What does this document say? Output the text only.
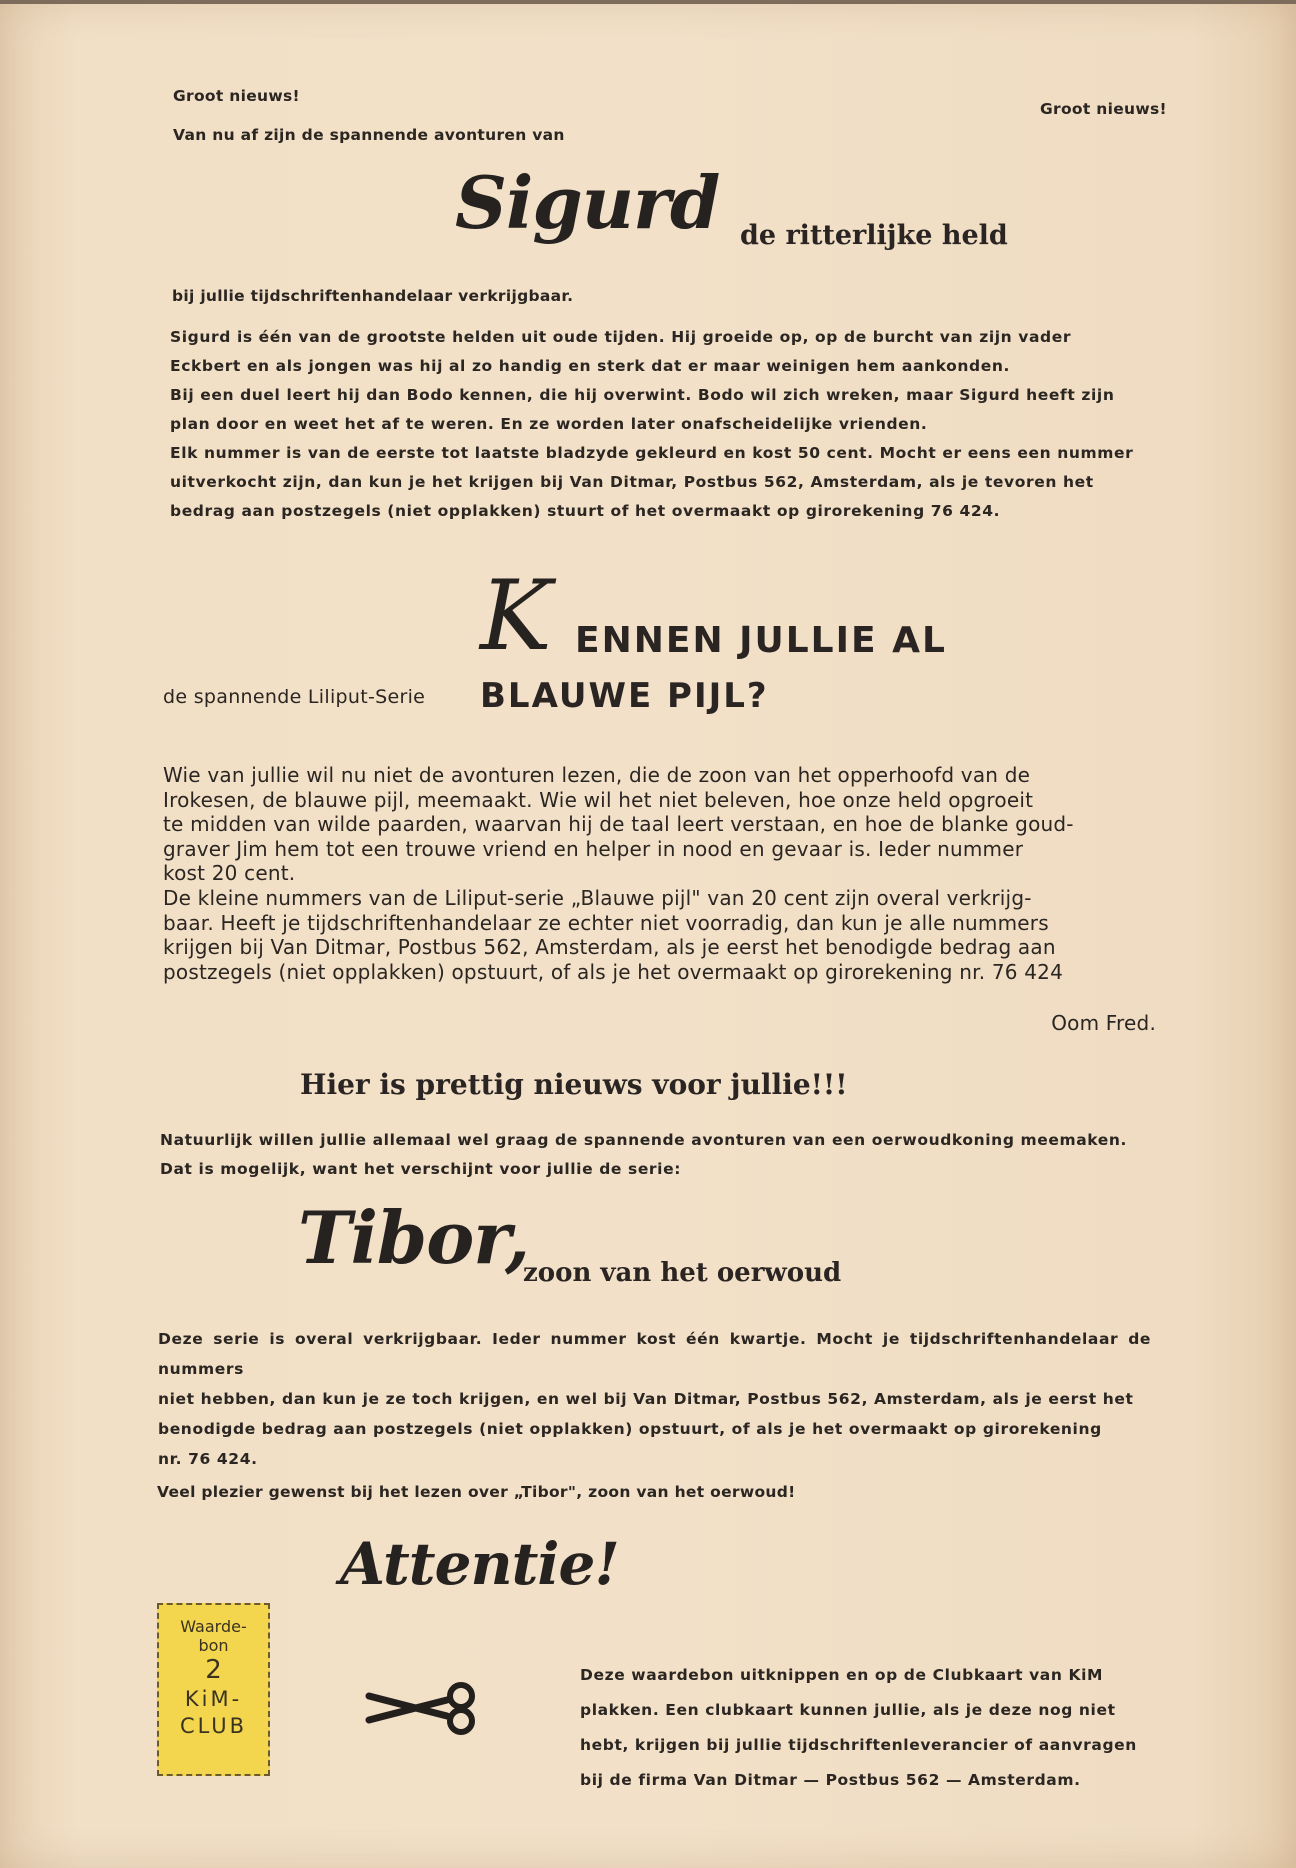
Groot nieuws!
Groot nieuws!
Van nu af zijn de spannende avonturen van
Sigurd de ritterlijke held
bij jullie tijdschriftenhandelaar verkrijgbaar.

Sigurd is één van de grootste helden uit oude tijden. Hij groeide op, op de burcht van zijn vader

Eckbert en als jongen was hij al zo handig en sterk dat er maar weinigen hem aankonden.

Bij een duel leert hij dan Bodo kennen, die hij overwint. Bodo wil zich wreken, maar Sigurd heeft zijn

plan door en weet het af te weren. En ze worden later onafscheidelijke vrienden.

Elk nummer is van de eerste tot laatste bladzyde gekleurd en kost 50 cent. Mocht er eens een nummer

uitverkocht zijn, dan kun je het krijgen bij Van Ditmar, Postbus 562, Amsterdam, als je tevoren het

bedrag aan postzegels (niet opplakken) stuurt of het overmaakt op girorekening 76 424.

K ENNEN JULLIE AL
de spannende Liliput-Serie BLAUWE PIJL?

Wie van jullie wil nu niet de avonturen lezen, die de zoon van het opperhoofd van de

Irokesen, de blauwe pijl, meemaakt. Wie wil het niet beleven, hoe onze held opgroeit

te midden van wilde paarden, waarvan hij de taal leert verstaan, en hoe de blanke goud-

graver Jim hem tot een trouwe vriend en helper in nood en gevaar is. Ieder nummer

kost 20 cent.

De kleine nummers van de Liliput-serie „Blauwe pijl" van 20 cent zijn overal verkrijg-

baar. Heeft je tijdschriftenhandelaar ze echter niet voorradig, dan kun je alle nummers

krijgen bij Van Ditmar, Postbus 562, Amsterdam, als je eerst het benodigde bedrag aan

postzegels (niet opplakken) opstuurt, of als je het overmaakt op girorekening nr. 76 424

Oom Fred.
Hier is prettig nieuws voor jullie!!!

Natuurlijk willen jullie allemaal wel graag de spannende avonturen van een oerwoudkoning meemaken.

Dat is mogelijk, want het verschijnt voor jullie de serie:

Tibor,
zoon van het oerwoud

Deze serie is overal verkrijgbaar. Ieder nummer kost één kwartje. Mocht je tijdschriftenhandelaar de nummers

niet hebben, dan kun je ze toch krijgen, en wel bij Van Ditmar, Postbus 562, Amsterdam, als je eerst het

benodigde bedrag aan postzegels (niet opplakken) opstuurt, of als je het overmaakt op girorekening

nr. 76 424.

Veel plezier gewenst bij het lezen over „Tibor", zoon van het oerwoud!
Attentie!
Waarde-
bon
2
KiM-
CLUB

Deze waardebon uitknippen en op de Clubkaart van KiM

plakken. Een clubkaart kunnen jullie, als je deze nog niet

hebt, krijgen bij jullie tijdschriftenleverancier of aanvragen

bij de firma Van Ditmar — Postbus 562 — Amsterdam.
